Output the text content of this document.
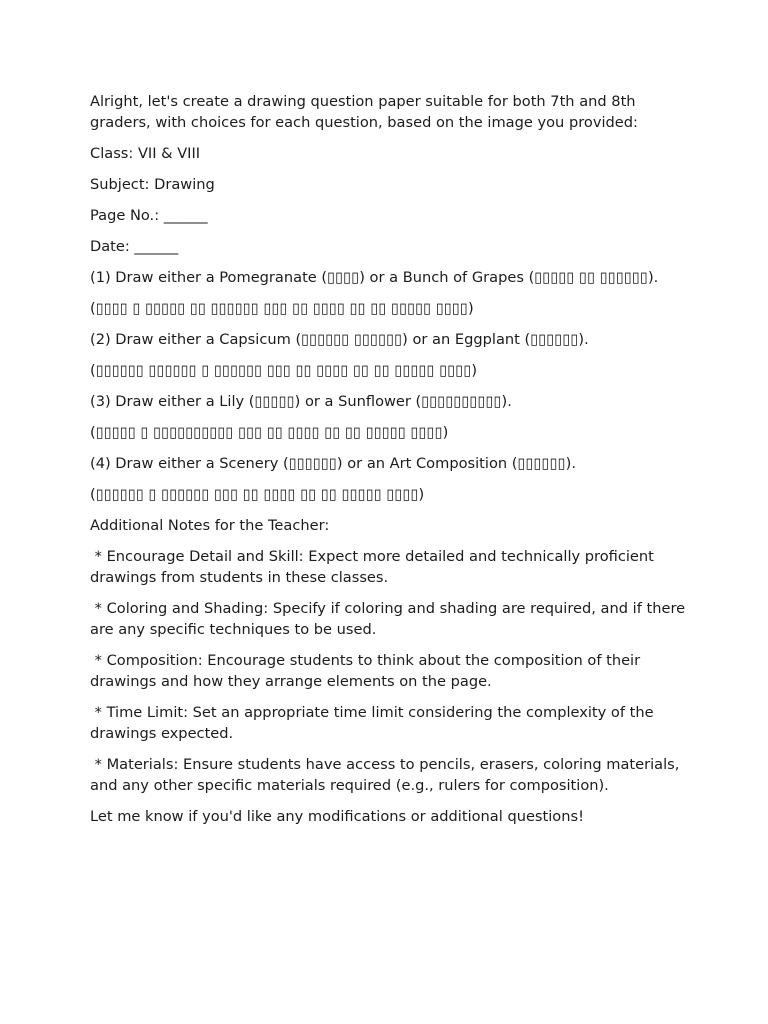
Alright, let's create a drawing question paper suitable for both 7th and 8th graders, with choices for each question, based on the image you provided:

Class: VII & VIII

Subject: Drawing

Page No.: ______

Date: ______

(1) Draw either a Pomegranate (▯▯▯▯) or a Bunch of Grapes (▯▯▯▯▯ ▯▯ ▯▯▯▯▯▯).

(▯▯▯▯ ▯ ▯▯▯▯▯ ▯▯ ▯▯▯▯▯▯ ▯▯▯ ▯▯ ▯▯▯▯ ▯▯ ▯▯ ▯▯▯▯▯ ▯▯▯▯)

(2) Draw either a Capsicum (▯▯▯▯▯▯ ▯▯▯▯▯▯) or an Eggplant (▯▯▯▯▯▯).

(▯▯▯▯▯▯ ▯▯▯▯▯▯ ▯ ▯▯▯▯▯▯ ▯▯▯ ▯▯ ▯▯▯▯ ▯▯ ▯▯ ▯▯▯▯▯ ▯▯▯▯)

(3) Draw either a Lily (▯▯▯▯▯) or a Sunflower (▯▯▯▯▯▯▯▯▯▯).

(▯▯▯▯▯ ▯ ▯▯▯▯▯▯▯▯▯▯ ▯▯▯ ▯▯ ▯▯▯▯ ▯▯ ▯▯ ▯▯▯▯▯ ▯▯▯▯)

(4) Draw either a Scenery (▯▯▯▯▯▯) or an Art Composition (▯▯▯▯▯▯).

(▯▯▯▯▯▯ ▯ ▯▯▯▯▯▯ ▯▯▯ ▯▯ ▯▯▯▯ ▯▯ ▯▯ ▯▯▯▯▯ ▯▯▯▯)

Additional Notes for the Teacher:

* Encourage Detail and Skill: Expect more detailed and technically proficient drawings from students in these classes.

* Coloring and Shading: Specify if coloring and shading are required, and if there are any specific techniques to be used.

* Composition: Encourage students to think about the composition of their drawings and how they arrange elements on the page.

* Time Limit: Set an appropriate time limit considering the complexity of the drawings expected.

* Materials: Ensure students have access to pencils, erasers, coloring materials, and any other specific materials required (e.g., rulers for composition).

Let me know if you'd like any modifications or additional questions!
